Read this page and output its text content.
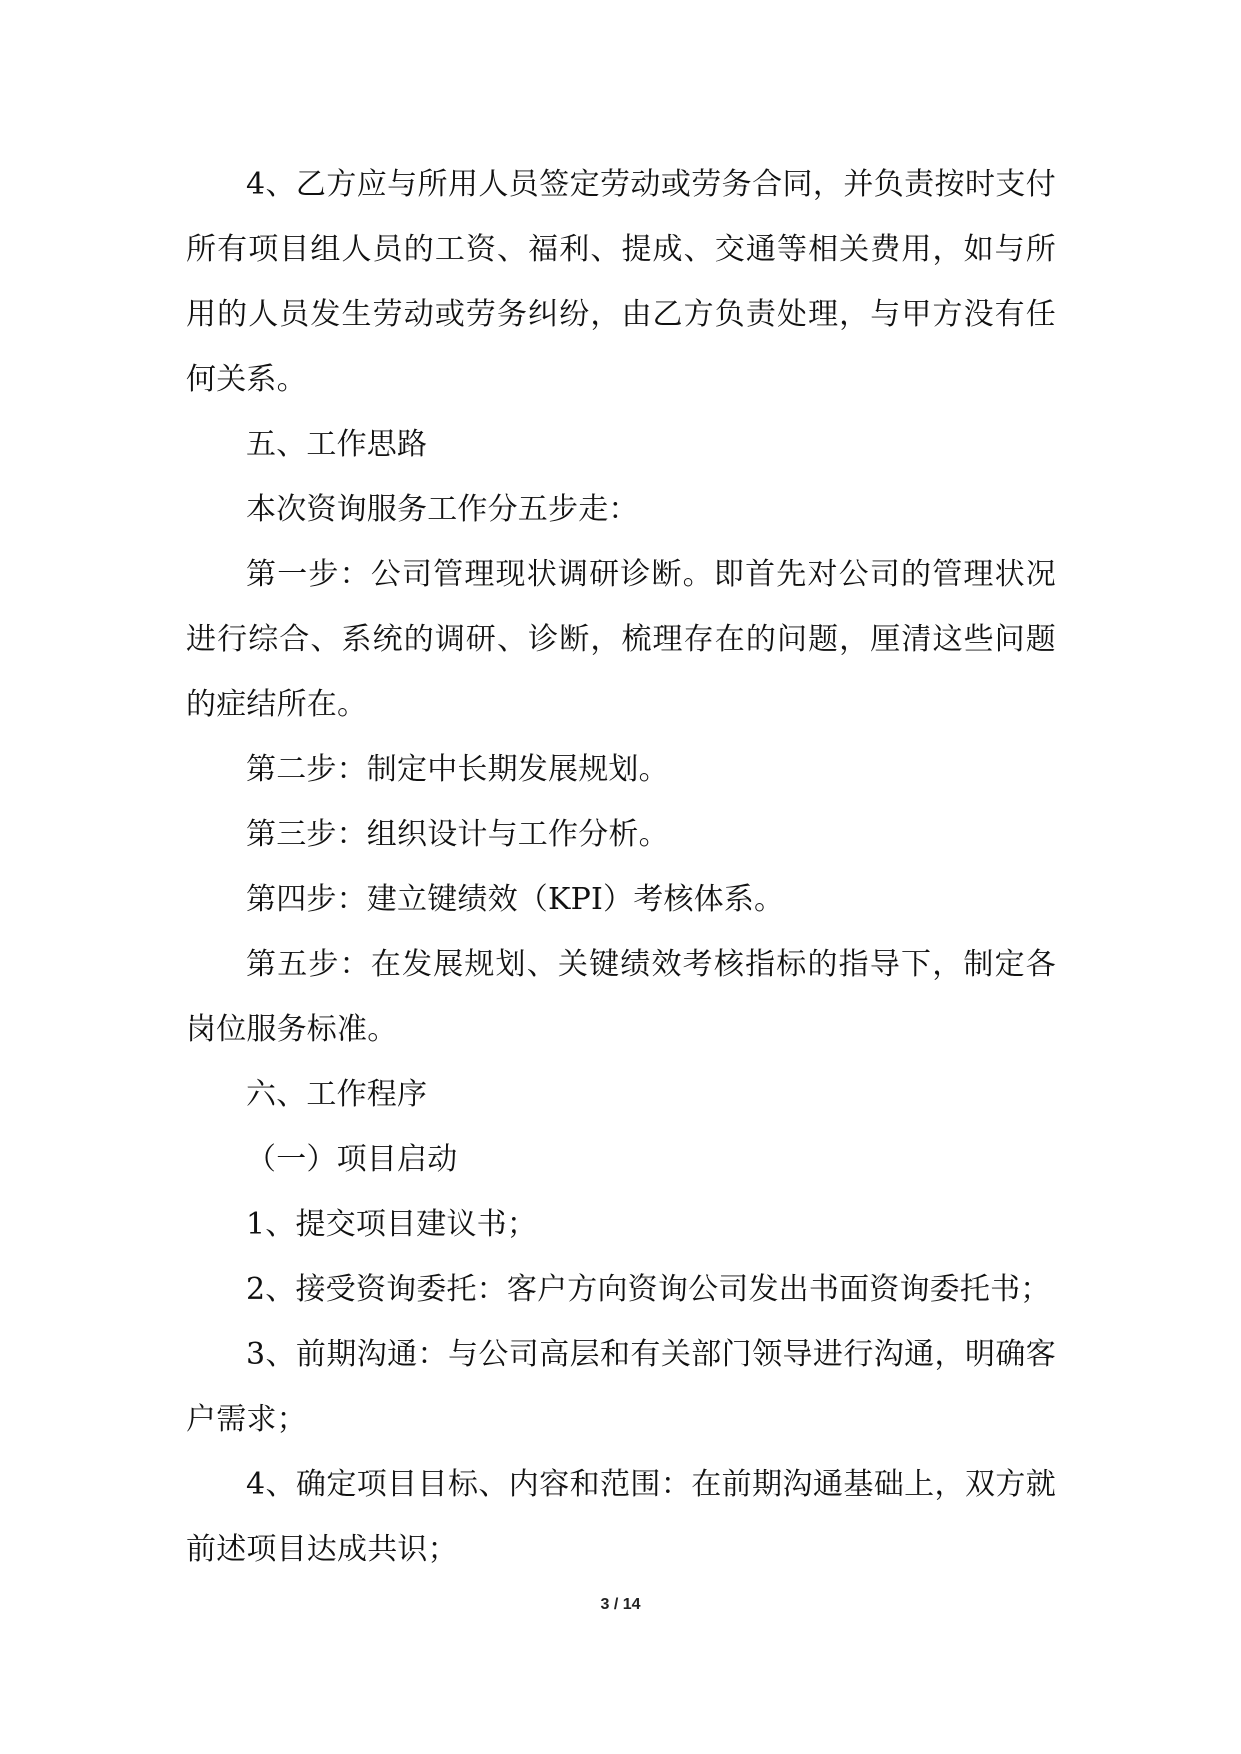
4、乙方应与所用人员签定劳动或劳务合同，并负责按时支付所有项目组人员的工资、福利、提成、交通等相关费用，如与所用的人员发生劳动或劳务纠纷，由乙方负责处理，与甲方没有任何关系。

五、工作思路

本次资询服务工作分五步走：

第一步：公司管理现状调研诊断。即首先对公司的管理状况进行综合、系统的调研、诊断，梳理存在的问题，厘清这些问题的症结所在。

第二步：制定中长期发展规划。

第三步：组织设计与工作分析。

第四步：建立键绩效（KPI）考核体系。

第五步：在发展规划、关键绩效考核指标的指导下，制定各岗位服务标准。

六、工作程序

（一）项目启动

1、提交项目建议书；

2、接受资询委托：客户方向资询公司发出书面资询委托书；

3、前期沟通：与公司高层和有关部门领导进行沟通，明确客户需求；

4、确定项目目标、内容和范围：在前期沟通基础上，双方就前述项目达成共识；

3 / 14
